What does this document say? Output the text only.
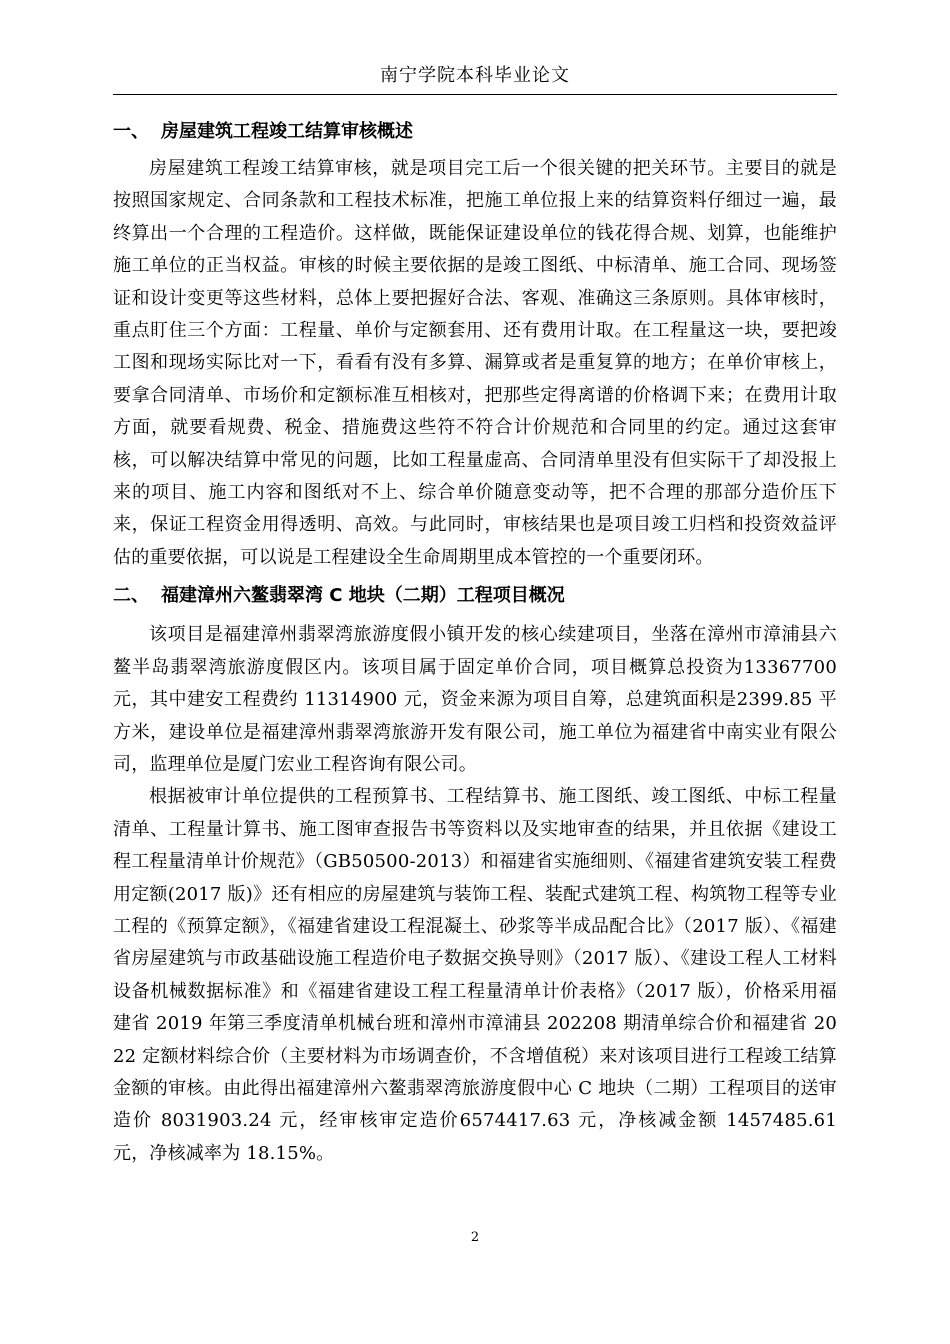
南宁学院本科毕业论文
一、 房屋建筑工程竣工结算审核概述

房屋建筑工程竣工结算审核，就是项目完工后一个很关键的把关环节。主要目的就是按照国家规定、合同条款和工程技术标准，把施工单位报上来的结算资料仔细过一遍，最终算出一个合理的工程造价。这样做，既能保证建设单位的钱花得合规、划算，也能维护施工单位的正当权益。审核的时候主要依据的是竣工图纸、中标清单、施工合同、现场签证和设计变更等这些材料，总体上要把握好合法、客观、准确这三条原则。具体审核时，重点盯住三个方面：工程量、单价与定额套用、还有费用计取。在工程量这一块，要把竣工图和现场实际比对一下，看看有没有多算、漏算或者是重复算的地方；在单价审核上，要拿合同清单、市场价和定额标准互相核对，把那些定得离谱的价格调下来；在费用计取方面，就要看规费、税金、措施费这些符不符合计价规范和合同里的约定。通过这套审核，可以解决结算中常见的问题，比如工程量虚高、合同清单里没有但实际干了却没报上来的项目、施工内容和图纸对不上、综合单价随意变动等，把不合理的那部分造价压下来，保证工程资金用得透明、高效。与此同时，审核结果也是项目竣工归档和投资效益评估的重要依据，可以说是工程建设全生命周期里成本管控的一个重要闭环。

二、 福建漳州六鳌翡翠湾 C 地块（二期）工程项目概况

该项目是福建漳州翡翠湾旅游度假小镇开发的核心续建项目，坐落在漳州市漳浦县六鳌半岛翡翠湾旅游度假区内。该项目属于固定单价合同，项目概算总投资为13367700 元，其中建安工程费约 11314900 元，资金来源为项目自筹，总建筑面积是2399.85 平方米，建设单位是福建漳州翡翠湾旅游开发有限公司，施工单位为福建省中南实业有限公司，监理单位是厦门宏业工程咨询有限公司。

根据被审计单位提供的工程预算书、工程结算书、施工图纸、竣工图纸、中标工程量清单、工程量计算书、施工图审查报告书等资料以及实地审查的结果，并且依据《建设工程工程量清单计价规范》（GB50500-2013）和福建省实施细则、《福建省建筑安装工程费用定额(2017 版)》还有相应的房屋建筑与装饰工程、装配式建筑工程、构筑物工程等专业工程的《预算定额》，《福建省建设工程混凝土、砂浆等半成品配合比》（2017 版）、《福建省房屋建筑与市政基础设施工程造价电子数据交换导则》（2017 版）、《建设工程人工材料设备机械数据标准》和《福建省建设工程工程量清单计价表格》（2017 版），价格采用福建省 2019 年第三季度清单机械台班和漳州市漳浦县 202208 期清单综合价和福建省 2022 定额材料综合价（主要材料为市场调查价，不含增值税）来对该项目进行工程竣工结算金额的审核。由此得出福建漳州六鳌翡翠湾旅游度假中心 C 地块（二期）工程项目的送审造价 8031903.24 元，经审核审定造价6574417.63 元，净核减金额 1457485.61 元，净核减率为 18.15%。

2
